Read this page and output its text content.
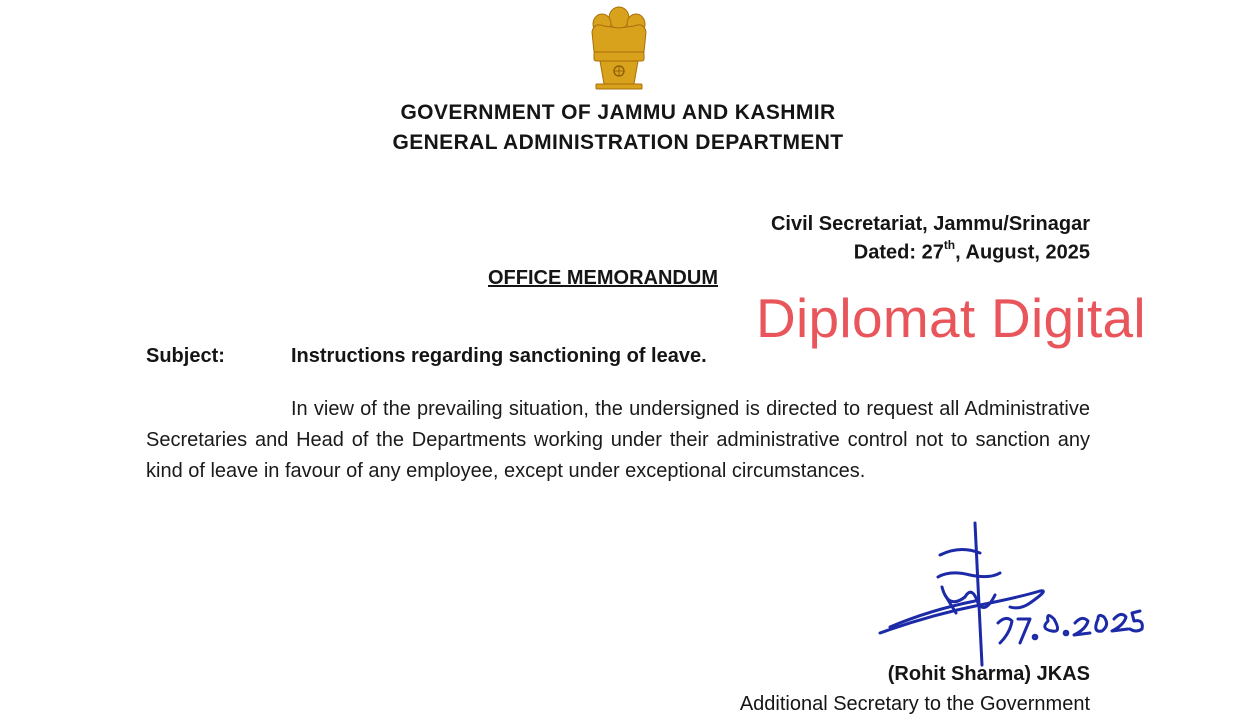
GOVERNMENT OF JAMMU AND KASHMIR
GENERAL ADMINISTRATION DEPARTMENT
Civil Secretariat, Jammu/Srinagar
Dated: 27th, August, 2025
OFFICE MEMORANDUM
Diplomat Digital
Subject:	Instructions regarding sanctioning of leave.
In view of the prevailing situation, the undersigned is directed to request all Administrative Secretaries and Head of the Departments working under their administrative control not to sanction any kind of leave in favour of any employee, except under exceptional circumstances.
(Rohit Sharma) JKAS
Additional Secretary to the Government
